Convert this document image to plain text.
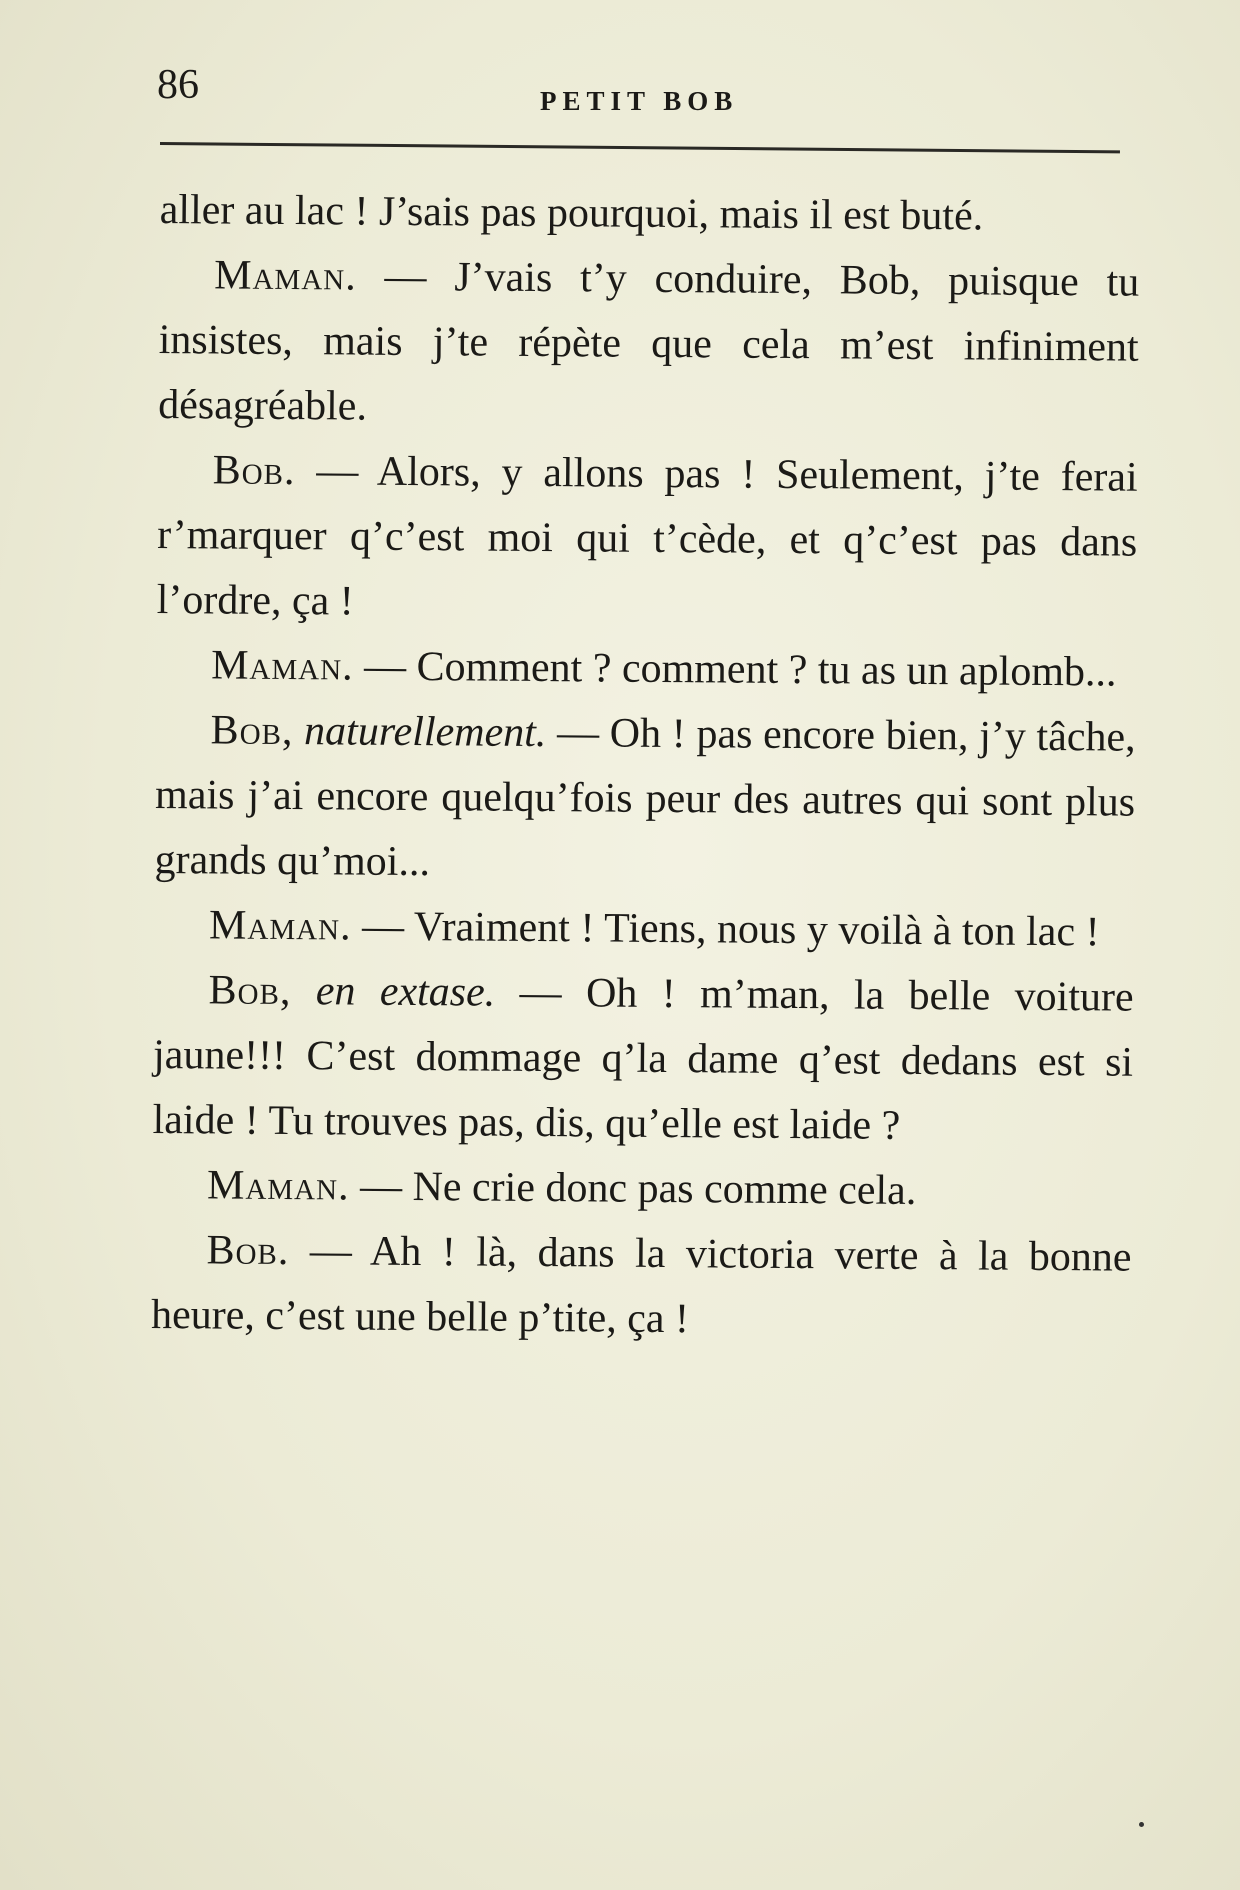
86	PETIT BOB

aller au lac ! J’sais pas pourquoi, mais il est buté.

Maman. — J’vais t’y conduire, Bob, puisque tu insistes, mais j’te répète que cela m’est infiniment désagréable.

Bob. — Alors, y allons pas ! Seulement, j’te ferai r’marquer q’c’est moi qui t’cède, et q’c’est pas dans l’ordre, ça !

Maman. — Comment ? comment ? tu as un aplomb...

Bob, naturellement. — Oh ! pas encore bien, j’y tâche, mais j’ai encore quelqu’fois peur des autres qui sont plus grands qu’moi...

Maman. — Vraiment ! Tiens, nous y voilà à ton lac !

Bob, en extase. — Oh ! m’man, la belle voiture jaune!!! C’est dommage q’la dame q’est dedans est si laide ! Tu trouves pas, dis, qu’elle est laide ?

Maman. — Ne crie donc pas comme cela.

Bob. — Ah ! là, dans la victoria verte à la bonne heure, c’est une belle p’tite, ça !
